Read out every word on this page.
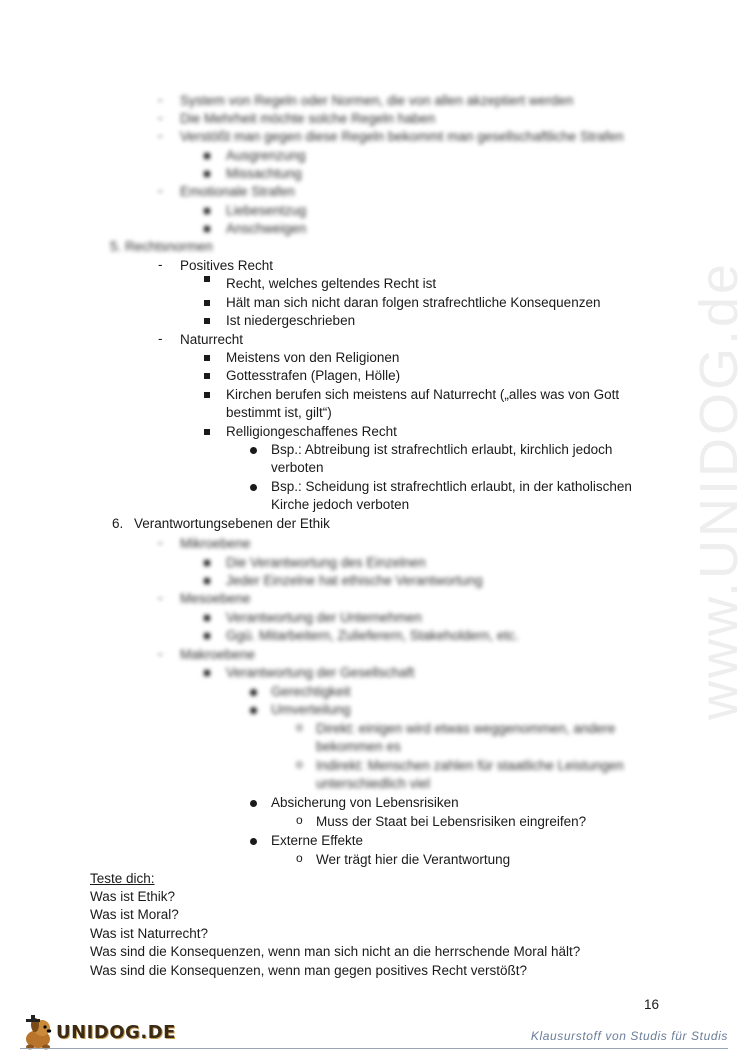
www.UNIDOG.de
- System von Regeln oder Normen, die von allen akzeptiert werden
- Die Mehrheit möchte solche Regeln haben
- Verstößt man gegen diese Regeln bekommt man gesellschaftliche Strafen
Ausgrenzung
Missachtung
- Emotionale Strafen
Liebesentzug
Anschweigen
5. Rechtsnormen
- Positives Recht
Recht, welches geltendes Recht ist
Hält man sich nicht daran folgen strafrechtliche Konsequenzen
Ist niedergeschrieben
- Naturrecht
Meistens von den Religionen
Gottesstrafen (Plagen, Hölle)
Kirchen berufen sich meistens auf Naturrecht („alles was von Gott
bestimmt ist, gilt“)
Relligiongeschaffenes Recht
Bsp.: Abtreibung ist strafrechtlich erlaubt, kirchlich jedoch
verboten
Bsp.: Scheidung ist strafrechtlich erlaubt, in der katholischen
Kirche jedoch verboten
6. Verantwortungsebenen der Ethik
- Mikroebene
Die Verantwortung des Einzelnen
Jeder Einzelne hat ethische Verantwortung
- Mesoebene
Verantwortung der Unternehmen
Ggü. Mitarbeitern, Zulieferern, Stakeholdern, etc.
- Makroebene
Verantwortung der Gesellschaft
Gerechtigkeit
Umverteilung
o Direkt: einigen wird etwas weggenommen, andere
bekommen es
o Indirekt: Menschen zahlen für staatliche Leistungen
unterschiedlich viel
Absicherung von Lebensrisiken
o Muss der Staat bei Lebensrisiken eingreifen?
Externe Effekte
o Wer trägt hier die Verantwortung
Teste dich:
Was ist Ethik?
Was ist Moral?
Was ist Naturrecht?
Was sind die Konsequenzen, wenn man sich nicht an die herrschende Moral hält?
Was sind die Konsequenzen, wenn man gegen positives Recht verstößt?
16
UNIDOG.DE	Klausurstoff von Studis für Studis
